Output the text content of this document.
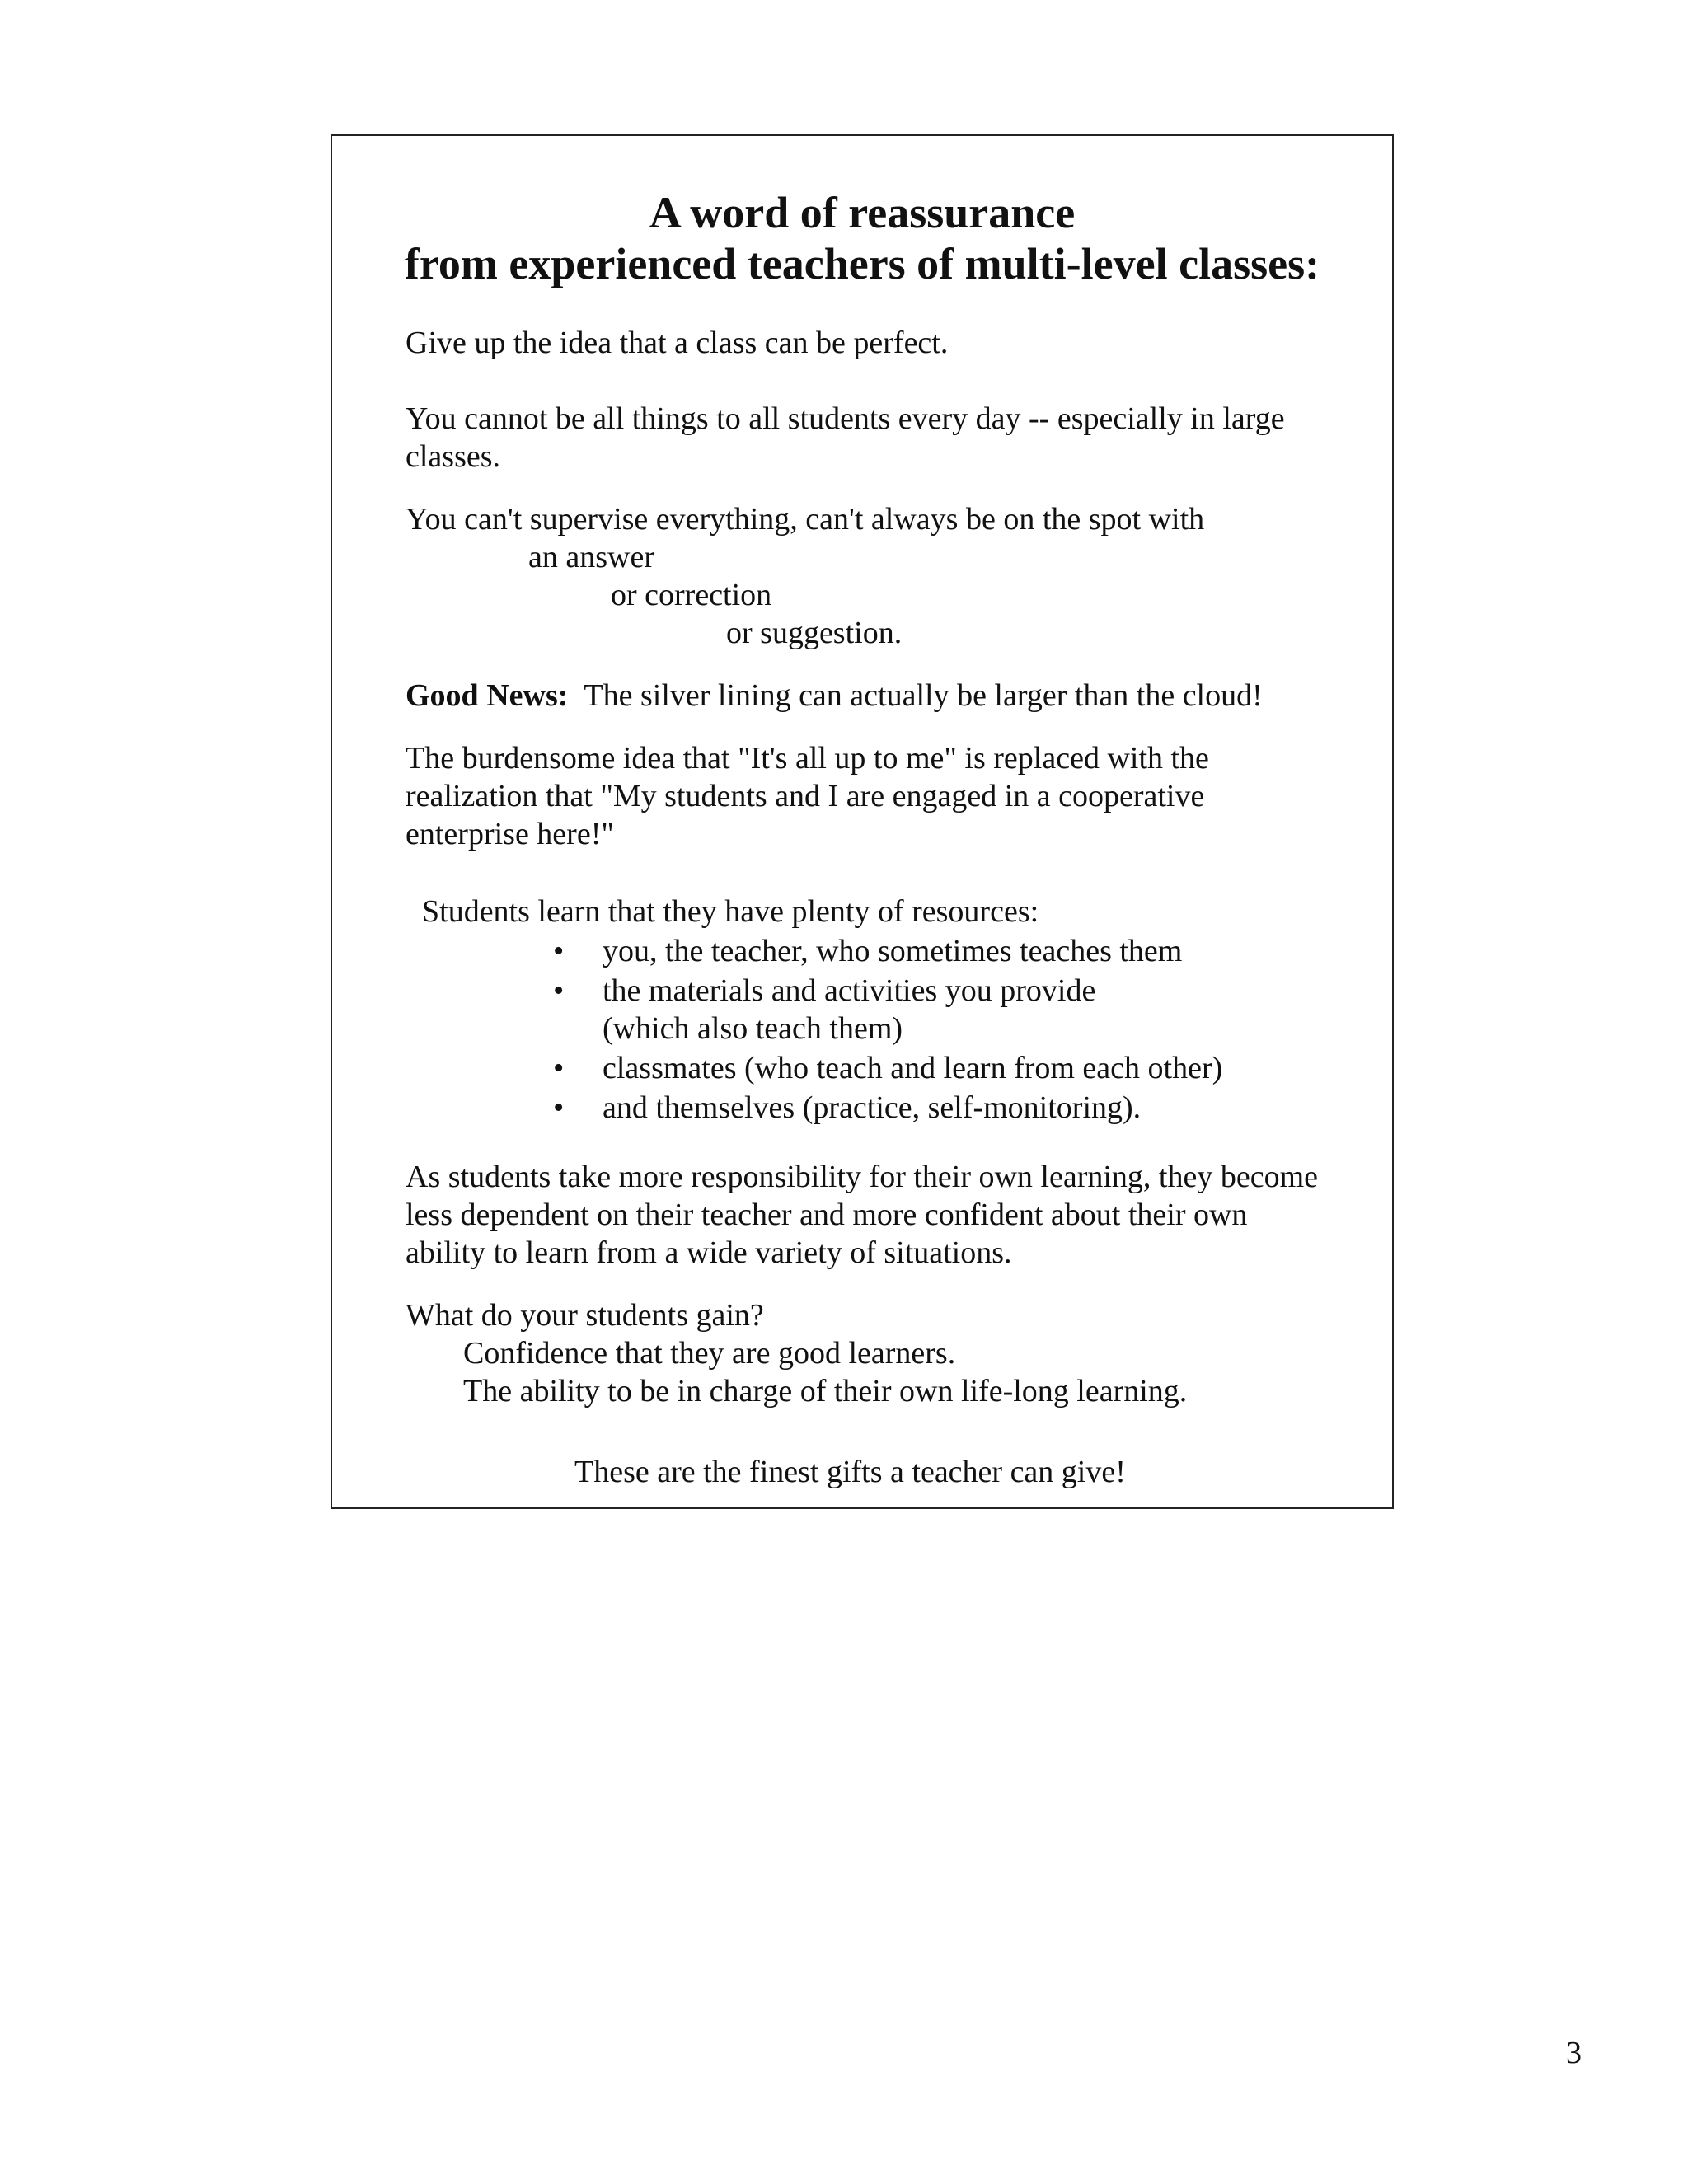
A word of reassurance
from experienced teachers of multi-level classes:

Give up the idea that a class can be perfect.

You cannot be all things to all students every day -- especially in large

classes.

You can't supervise everything, can't always be on the spot with

an answer

or correction

or suggestion.

Good News: The silver lining can actually be larger than the cloud!

The burdensome idea that "It's all up to me" is replaced with the

realization that "My students and I are engaged in a cooperative

enterprise here!"

Students learn that they have plenty of resources:

• you, the teacher, who sometimes teaches them

• the materials and activities you provide

(which also teach them)

• classmates (who teach and learn from each other)

• and themselves (practice, self-monitoring).

As students take more responsibility for their own learning, they become

less dependent on their teacher and more confident about their own

ability to learn from a wide variety of situations.

What do your students gain?

Confidence that they are good learners.

The ability to be in charge of their own life-long learning.

These are the finest gifts a teacher can give!

3
